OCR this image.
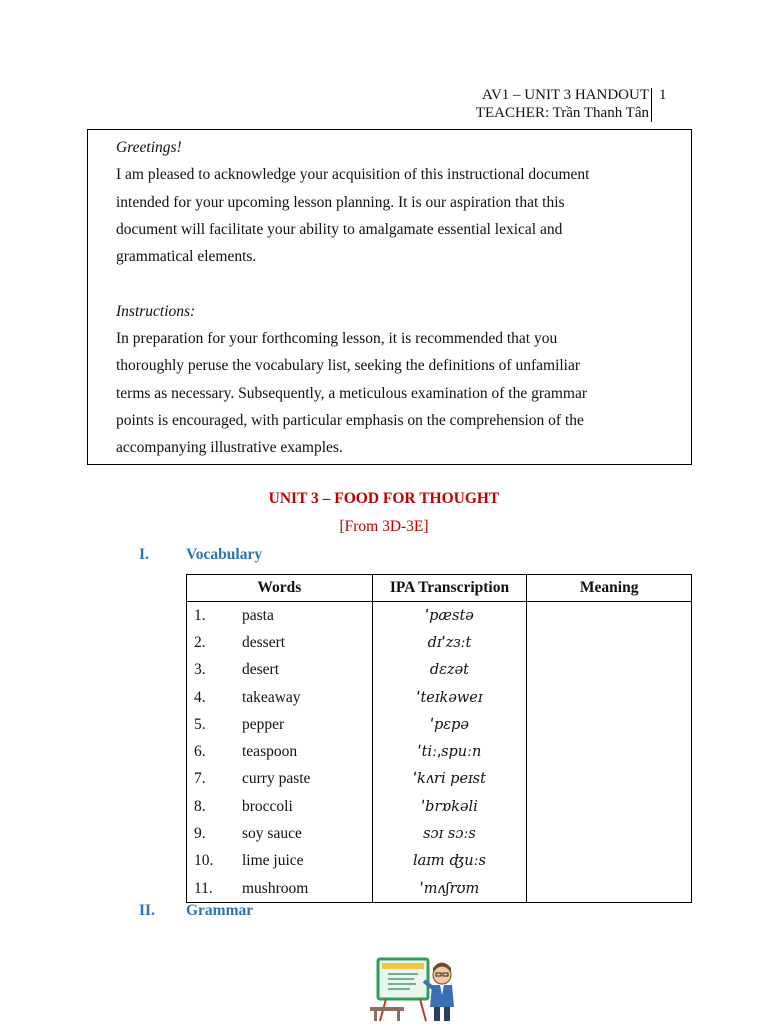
AV1 – UNIT 3 HANDOUT
TEACHER: Trần Thanh Tân
1

Greetings!

I am pleased to acknowledge your acquisition of this instructional document

intended for your upcoming lesson planning. It is our aspiration that this

document will facilitate your ability to amalgamate essential lexical and

grammatical elements.

Instructions:

In preparation for your forthcoming lesson, it is recommended that you

thoroughly peruse the vocabulary list, seeking the definitions of unfamiliar

terms as necessary. Subsequently, a meticulous examination of the grammar

points is encouraged, with particular emphasis on the comprehension of the

accompanying illustrative examples.

UNIT 3 – FOOD FOR THOUGHT
[From 3D-3E]
I. Vocabulary
Words	IPA Transcription	Meaning
1. pasta	ˈpæstə	
2. dessert	dɪˈzɜːt	
3. desert	dɛzət	
4. takeaway	ˈteɪkəweɪ	
5. pepper	ˈpɛpə	
6. teaspoon	ˈtiːˌspuːn	
7. curry paste	ˈkʌri peɪst	
8. broccoli	ˈbrɒkəli	
9. soy sauce	sɔɪ sɔːs	
10. lime juice	laɪm ʤuːs	
11. mushroom	ˈmʌʃrʊm	
II. Grammar
